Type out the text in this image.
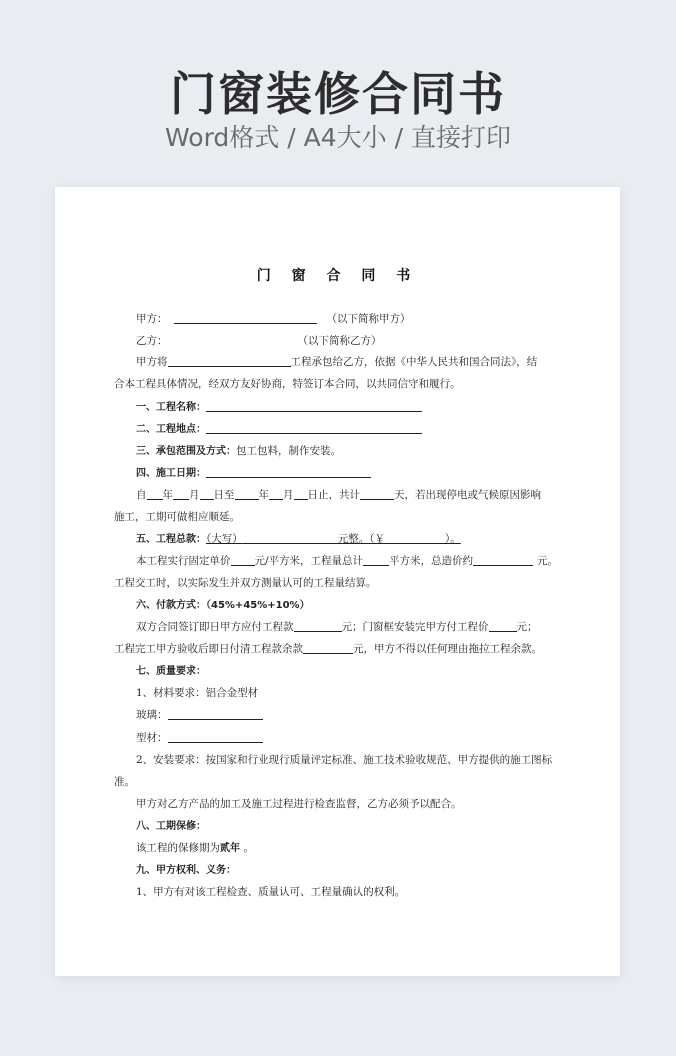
门窗装修合同书
Word格式 / A4大小 / 直接打印
门 窗 合 同 书
甲方：	（以下简称甲方）
乙方：	（以下简称乙方）
甲方将	工程承包给乙方，依据《中华人民共和国合同法》，结
合本工程具体情况，经双方友好协商，特签订本合同，以共同信守和履行。
一、工程名称：
二、工程地点：
三、承包范围及方式：包工包料，制作安装。
四、施工日期：
自 年 月 日至 年 月 日止，共计	天，若出现停电或气候原因影响
施工，工期可做相应顺延。
五、工程总款：（大写）	元整。（￥	）。
本工程实行固定单价 元/平方米，工程量总计 平方米，总造价约	元。
工程交工时，以实际发生并双方测量认可的工程量结算。
六、付款方式：（45%+45%+10%）
双方合同签订即日甲方应付工程款	元；门窗框安装完甲方付工程价	元；
工程完工甲方验收后即日付清工程款余款	元，甲方不得以任何理由拖拉工程余款。
七、质量要求：
1、材料要求：铝合金型材
玻璃：
型材：
2、安装要求：按国家和行业现行质量评定标准、施工技术验收规范、甲方提供的施工图标
准。
甲方对乙方产品的加工及施工过程进行检查监督，乙方必须予以配合。
八、工期保修：
该工程的保修期为贰年 。
九、甲方权利、义务：
1、甲方有对该工程检查、质量认可、工程量确认的权利。
